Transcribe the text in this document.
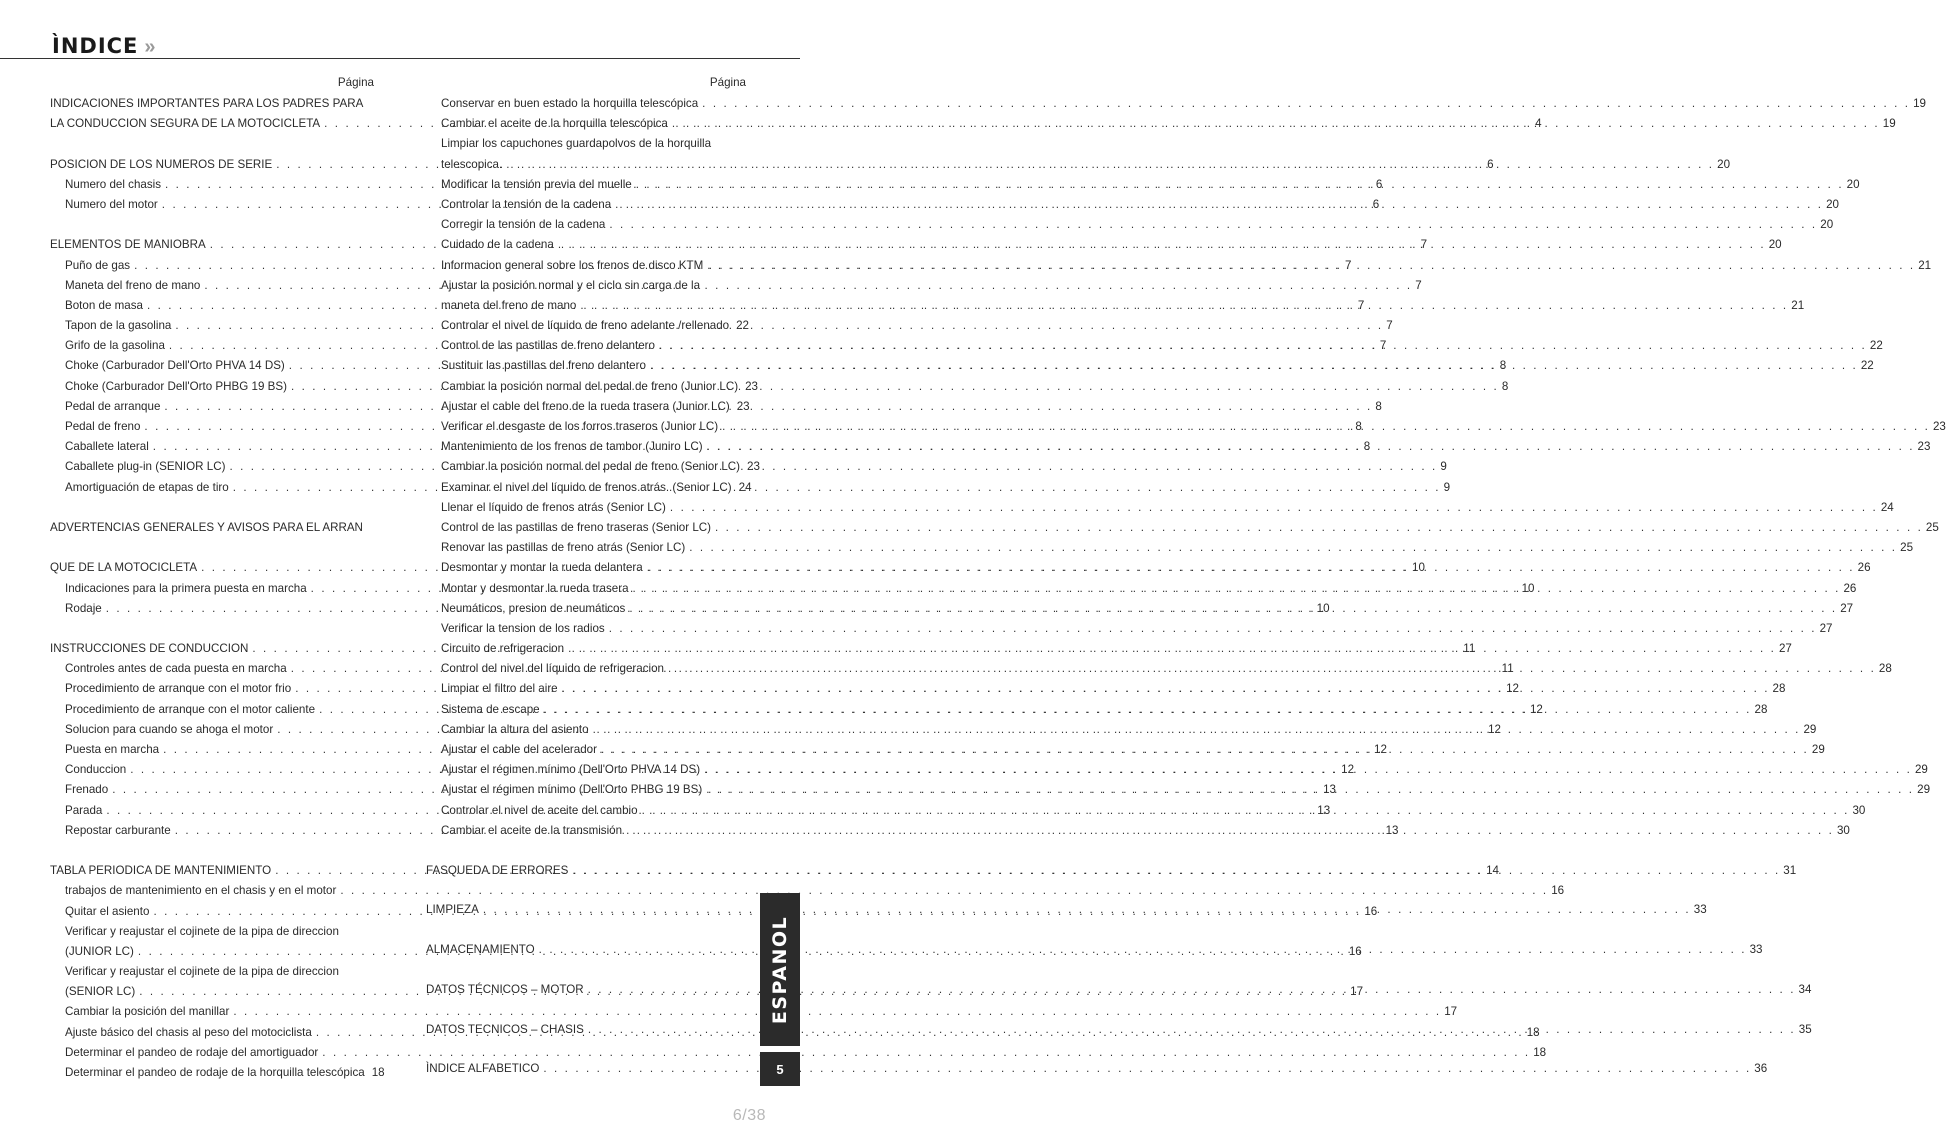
ÌNDICE »
Página
INDICACIONES IMPORTANTES PARA LOS PADRES PARA
LA CONDUCCION SEGURA DE LA MOTOCICLETA . . .	4
POSICION DE LOS NUMEROS DE SERIE . . .	6
Numero del chasis . . .	6
Numero del motor . . .	6
ELEMENTOS DE MANIOBRA . . .	7
Puño de gas . . .	7
Maneta del freno de mano . . .	7
Boton de masa . . .	7
Tapon de la gasolina . . .	7
Grifo de la gasolina . . .	7
Choke (Carburador Dell'Orto PHVA 14 DS) . . .	8
Choke (Carburador Dell'Orto PHBG 19 BS) . . .	8
Pedal de arranque . . .	8
Pedal de freno . . .	8
Caballete lateral . . .	8
Caballete plug-in (SENIOR LC) . . .	9
Amortiguación de etapas de tiro . . .	9
ADVERTENCIAS GENERALES Y AVISOS PARA EL ARRAN
QUE DE LA MOTOCICLETA . . .	10
Indicaciones para la primera puesta en marcha . . .	10
Rodaje . . .	10
INSTRUCCIONES DE CONDUCCION . . .	11
Controles antes de cada puesta en marcha . . .	11
Procedimiento de arranque con el motor frio . . .	12
Procedimiento de arranque con el motor caliente . . .	12
Solucion para cuando se ahoga el motor . . .	12
Puesta en marcha . . .	12
Conduccion . . .	12
Frenado . . .	13
Parada . . .	13
Repostar carburante . . .	13
TABLA PERIODICA DE MANTENIMIENTO . . .	14
trabajos de mantenimiento en el chasis y en el motor . . .	16
Quitar el asiento . . .	16
Verificar y reajustar el cojinete de la pipa de direccion
(JUNIOR LC) . . .	16
Verificar y reajustar el cojinete de la pipa de direccion
(SENIOR LC) . . .	17
Cambiar la posición del manillar . . .	17
Ajuste básico del chasis al peso del motociclista . . .	18
Determinar el pandeo de rodaje del amortiguador . . .	18
Determinar el pandeo de rodaje de la horquilla telescópica 18
Página
Conservar en buen estado la horquilla telescópica . . .	19
Cambiar el aceite de la horquilla telescópica . . .	19
Limpiar los capuchones guardapolvos de la horquilla
telescopica. . . .	20
Modificar la tensión previa del muelle . . .	20
Controlar la tensión de la cadena . . .	20
Corregir la tensión de la cadena . . .	20
Cuidado de la cadena . . .	20
Informacion general sobre los frenos de disco KTM . . .	21
Ajustar la posición normal y el ciclo sin carga de la
maneta del freno de mano . . .	21
Controlar el nivel de líquido de freno adelante /rellenado 22
Control de las pastillas de freno delantero . . .	22
Sustituir las pastillas del freno delantero . . .	22
Cambiar la posición normal del pedal de freno (Junior LC) 23
Ajustar el cable del freno de la rueda trasera (Junior LC) 23
Verificar el desgaste de los forros traseros (Junior LC) . . .	23
Mantenimiento de los frenos de tambor (Juniro LC) . . .	23
Cambiar la posición normal del pedal de freno (Senior LC) 23
Examinar el nivel del líquido de frenos atrás. (Senior LC) 24
Llenar el líquido de frenos atrás (Senior LC) . . .	24
Control de las pastillas de freno traseras (Senior LC) . . .	25
Renovar las pastillas de freno atrás (Senior LC) . . .	25
Desmontar y montar la rueda delantera . . .	26
Montar y desmontar la rueda trasera . . .	26
Neumáticos, presion de neumáticos . . .	27
Verificar la tension de los radios . . .	27
Circuito de refrigeracion . . .	27
Control del nivel del líquido de refrigeracion . . .	28
Limpiar el filtro del aire . . .	28
Sistema de escape . . .	28
Cambiar la altura del asiento . . .	29
Ajustar el cable del acelerador . . .	29
Ajustar el régimen mínimo (Dell'Orto PHVA 14 DS) . . .	29
Ajustar el régimen mínimo (Dell'Orto PHBG 19 BS) . . .	29
Controlar el nivel de aceite del cambio . . .	30
Cambiar el aceite de la transmisión . . .	30
FASQUEDA DE ERRORES . . .	31
LIMPIEZA . . .	33
ALMACENAMIENTO . . .	33
DATOS TÉCNICOS – MOTOR . . .	34
DATOS TECNICOS – CHASIS . . .	35
ÌNDICE ALFABETICO . . .	36
ESPANOL
5
6/38
